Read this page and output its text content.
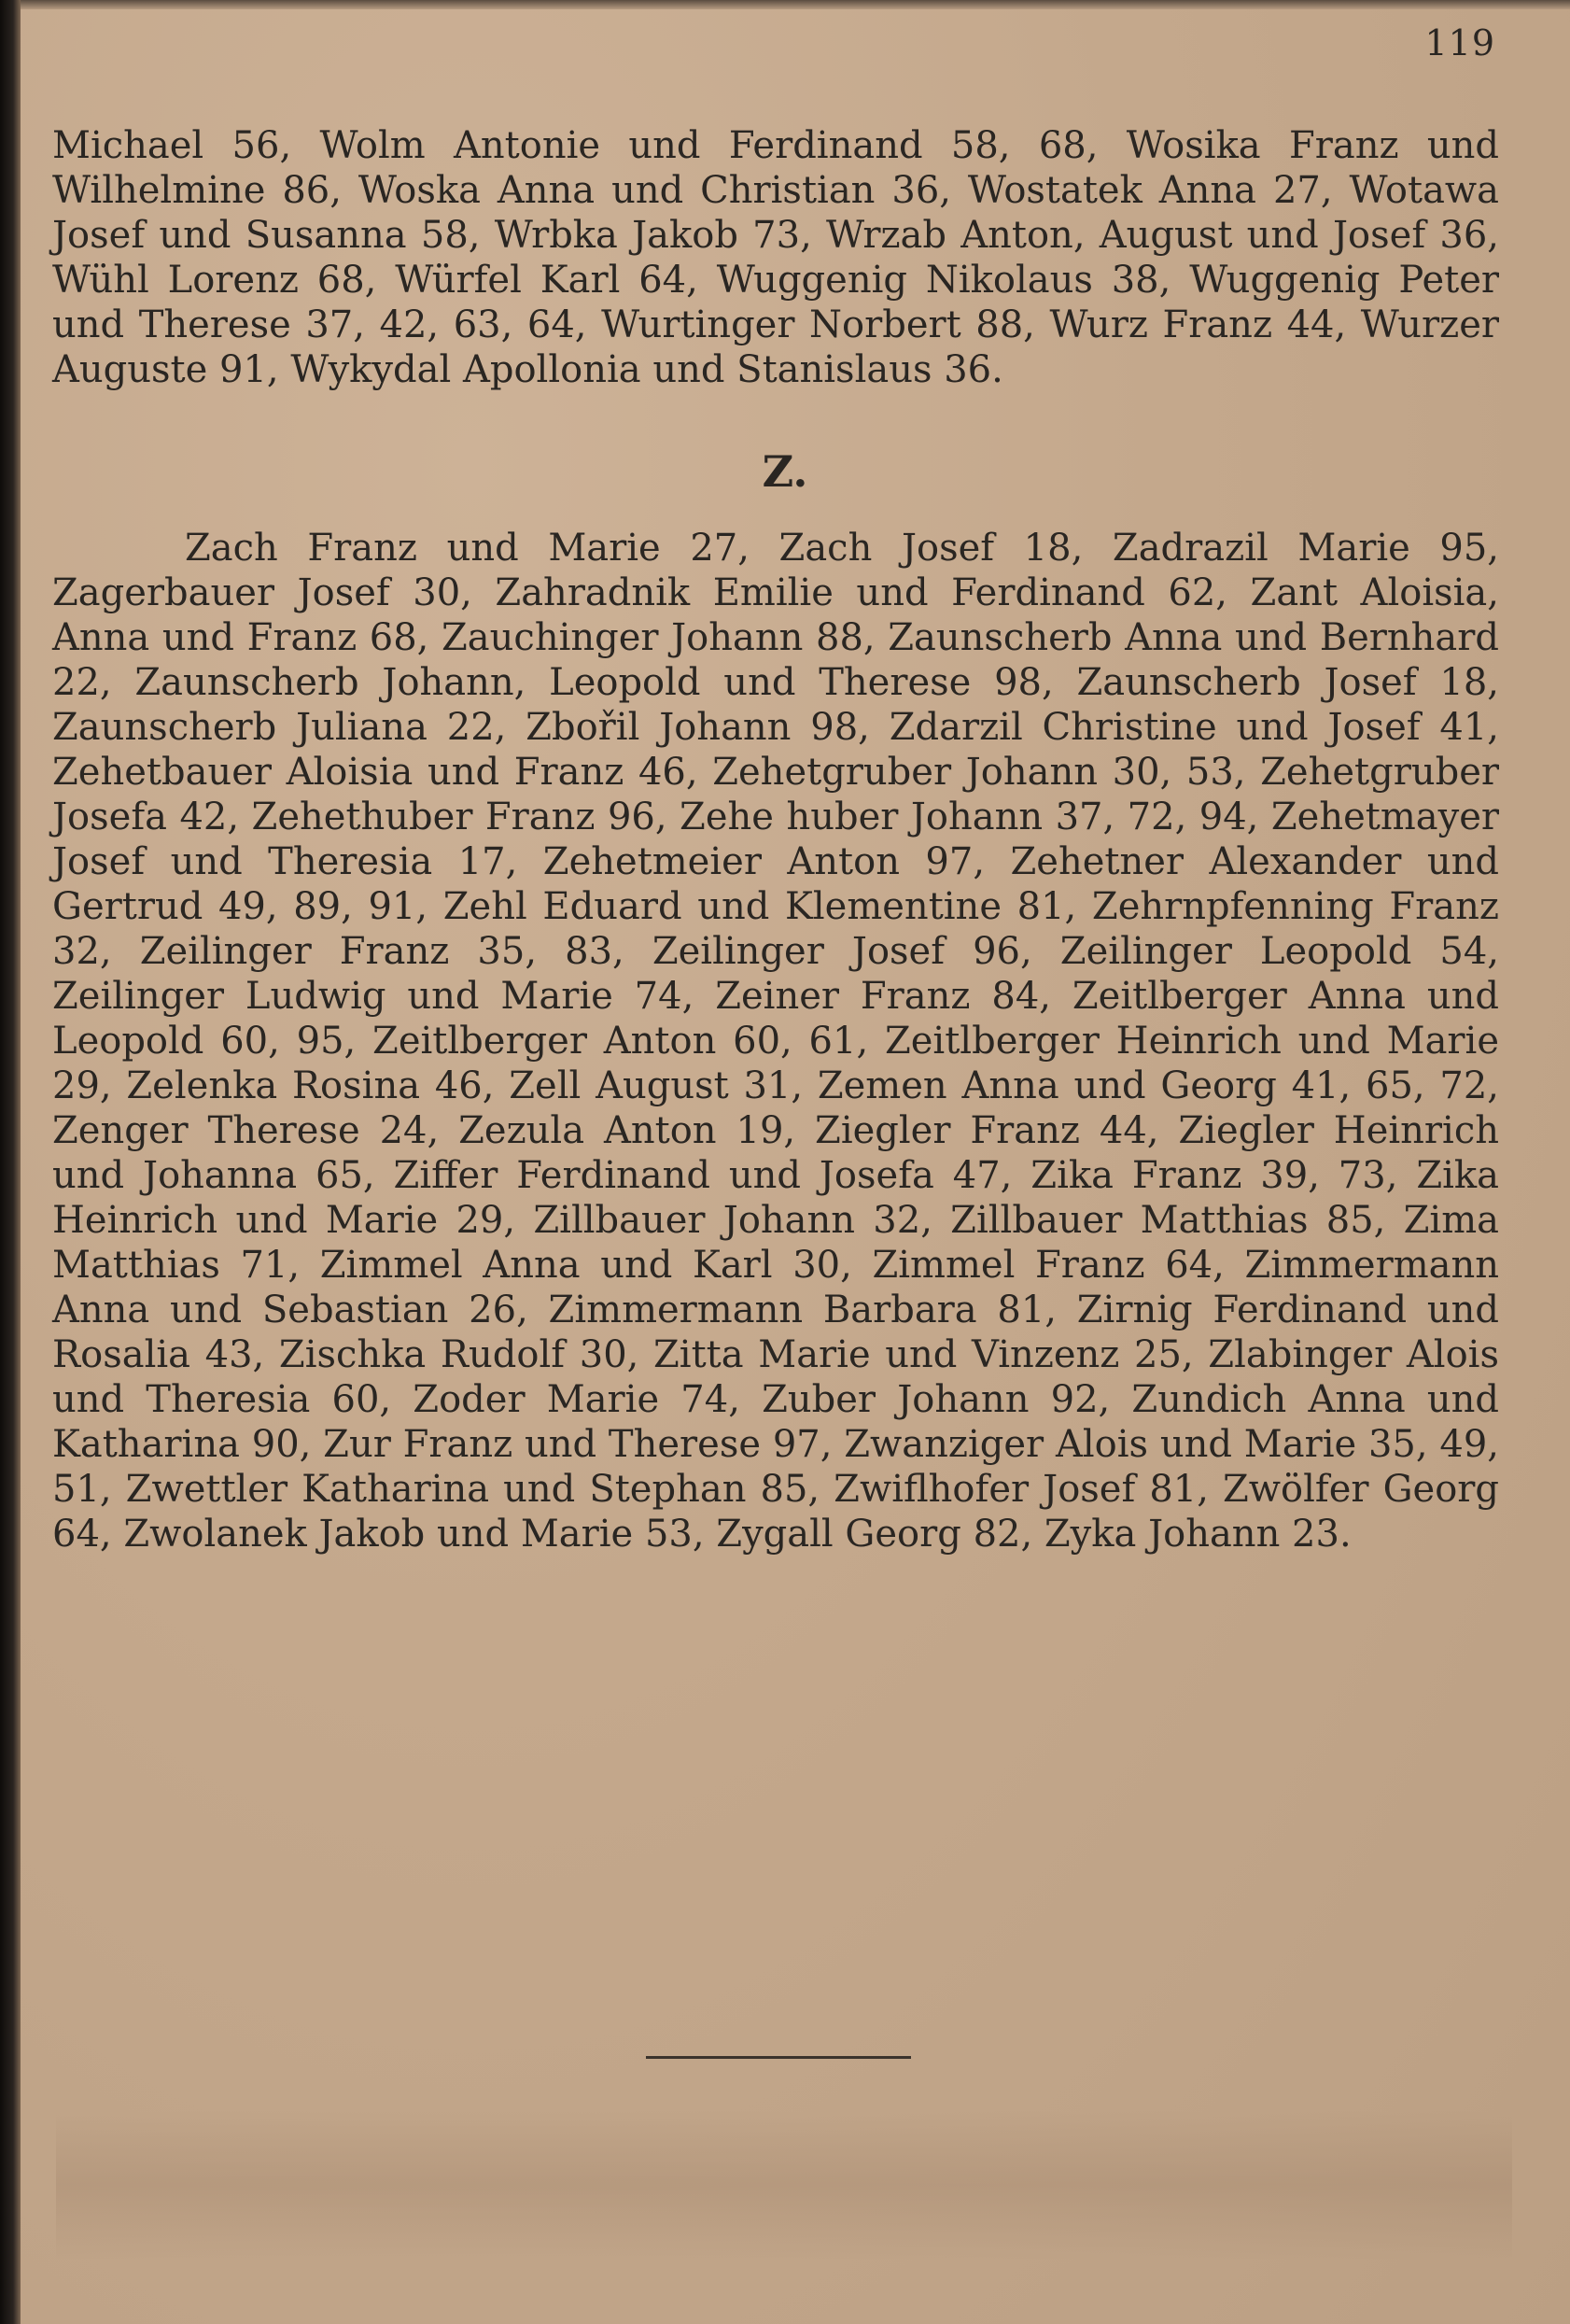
119

Michael 56, Wolm Antonie und Ferdinand 58, 68, Wosika Franz und Wilhelmine 86, Woska Anna und Christian 36, Wostatek Anna 27, Wotawa Josef und Susanna 58, Wrbka Jakob 73, Wrzab Anton, August und Josef 36, Wühl Lorenz 68, Würfel Karl 64, Wuggenig Nikolaus 38, Wuggenig Peter und Therese 37, 42, 63, 64, Wurtinger Norbert 88, Wurz Franz 44, Wurzer Auguste 91, Wykydal Apollonia und Stanislaus 36.

Z.

Zach Franz und Marie 27, Zach Josef 18, Zadrazil Marie 95, Zagerbauer Josef 30, Zahradnik Emilie und Ferdinand 62, Zant Aloisia, Anna und Franz 68, Zauchinger Johann 88, Zaunscherb Anna und Bernhard 22, Zaunscherb Johann, Leopold und Therese 98, Zaunscherb Josef 18, Zaunscherb Juliana 22, Zbořil Johann 98, Zdarzil Christine und Josef 41, Zehetbauer Aloisia und Franz 46, Zehetgruber Johann 30, 53, Zehetgruber Josefa 42, Zehethuber Franz 96, Zehe huber Johann 37, 72, 94, Zehetmayer Josef und Theresia 17, Zehetmeier Anton 97, Zehetner Alexander und Gertrud 49, 89, 91, Zehl Eduard und Klementine 81, Zehrnpfenning Franz 32, Zeilinger Franz 35, 83, Zeilinger Josef 96, Zeilinger Leopold 54, Zeilinger Ludwig und Marie 74, Zeiner Franz 84, Zeitlberger Anna und Leopold 60, 95, Zeitlberger Anton 60, 61, Zeitlberger Heinrich und Marie 29, Zelenka Rosina 46, Zell August 31, Zemen Anna und Georg 41, 65, 72, Zenger Therese 24, Zezula Anton 19, Ziegler Franz 44, Ziegler Heinrich und Johanna 65, Ziffer Ferdinand und Josefa 47, Zika Franz 39, 73, Zika Heinrich und Marie 29, Zillbauer Johann 32, Zillbauer Matthias 85, Zima Matthias 71, Zimmel Anna und Karl 30, Zimmel Franz 64, Zimmermann Anna und Sebastian 26, Zimmermann Barbara 81, Zirnig Ferdinand und Rosalia 43, Zischka Rudolf 30, Zitta Marie und Vinzenz 25, Zlabinger Alois und Theresia 60, Zoder Marie 74, Zuber Johann 92, Zundich Anna und Katharina 90, Zur Franz und Therese 97, Zwanziger Alois und Marie 35, 49, 51, Zwettler Katharina und Stephan 85, Zwiflhofer Josef 81, Zwölfer Georg 64, Zwolanek Jakob und Marie 53, Zygall Georg 82, Zyka Johann 23.
